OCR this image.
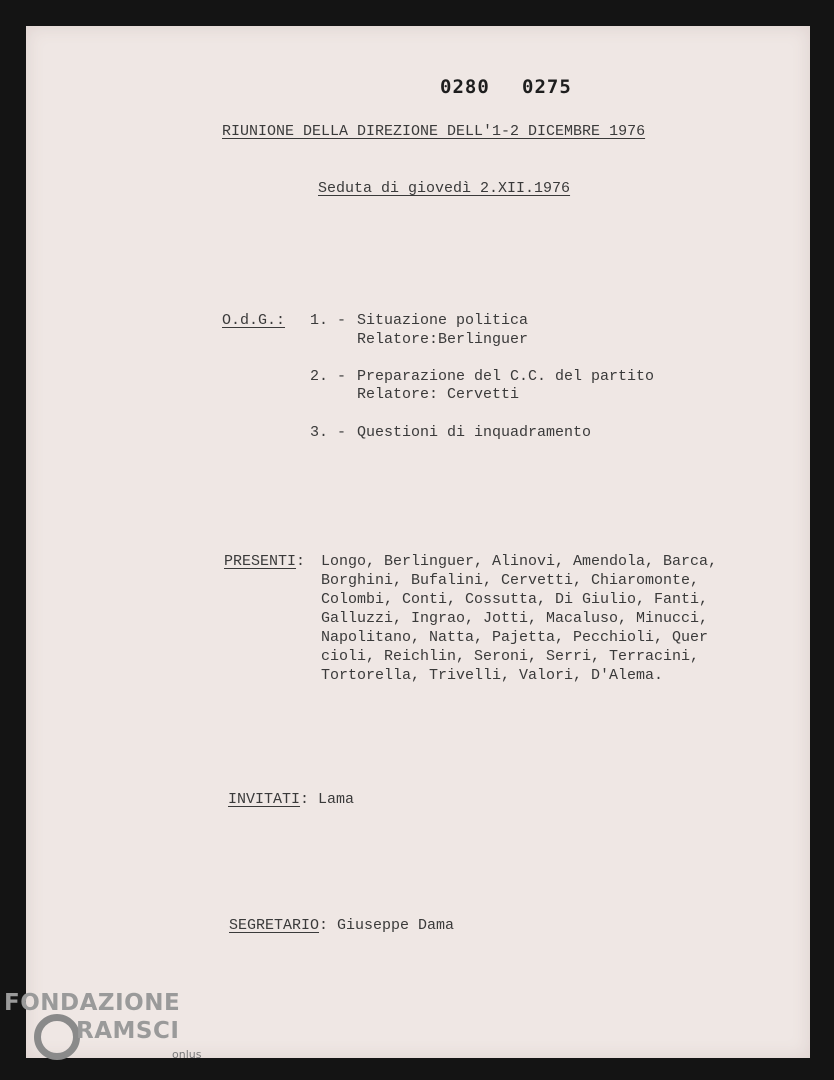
0280 0275
RIUNIONE DELLA DIREZIONE DELL'1-2 DICEMBRE 1976
Seduta di giovedì 2.XII.1976
O.d.G.: 1. - Situazione politica
Relatore:Berlinguer
2. - Preparazione del C.C. del partito
Relatore: Cervetti
3. - Questioni di inquadramento
PRESENTI: Longo, Berlinguer, Alinovi, Amendola, Barca,
Borghini, Bufalini, Cervetti, Chiaromonte,
Colombi, Conti, Cossutta, Di Giulio, Fanti,
Galluzzi, Ingrao, Jotti, Macaluso, Minucci,
Napolitano, Natta, Pajetta, Pecchioli, Quer
cioli, Reichlin, Seroni, Serri, Terracini,
Tortorella, Trivelli, Valori, D'Alema.
INVITATI: Lama
SEGRETARIO: Giuseppe Dama
FONDAZIONE
RAMSCI
onlus
